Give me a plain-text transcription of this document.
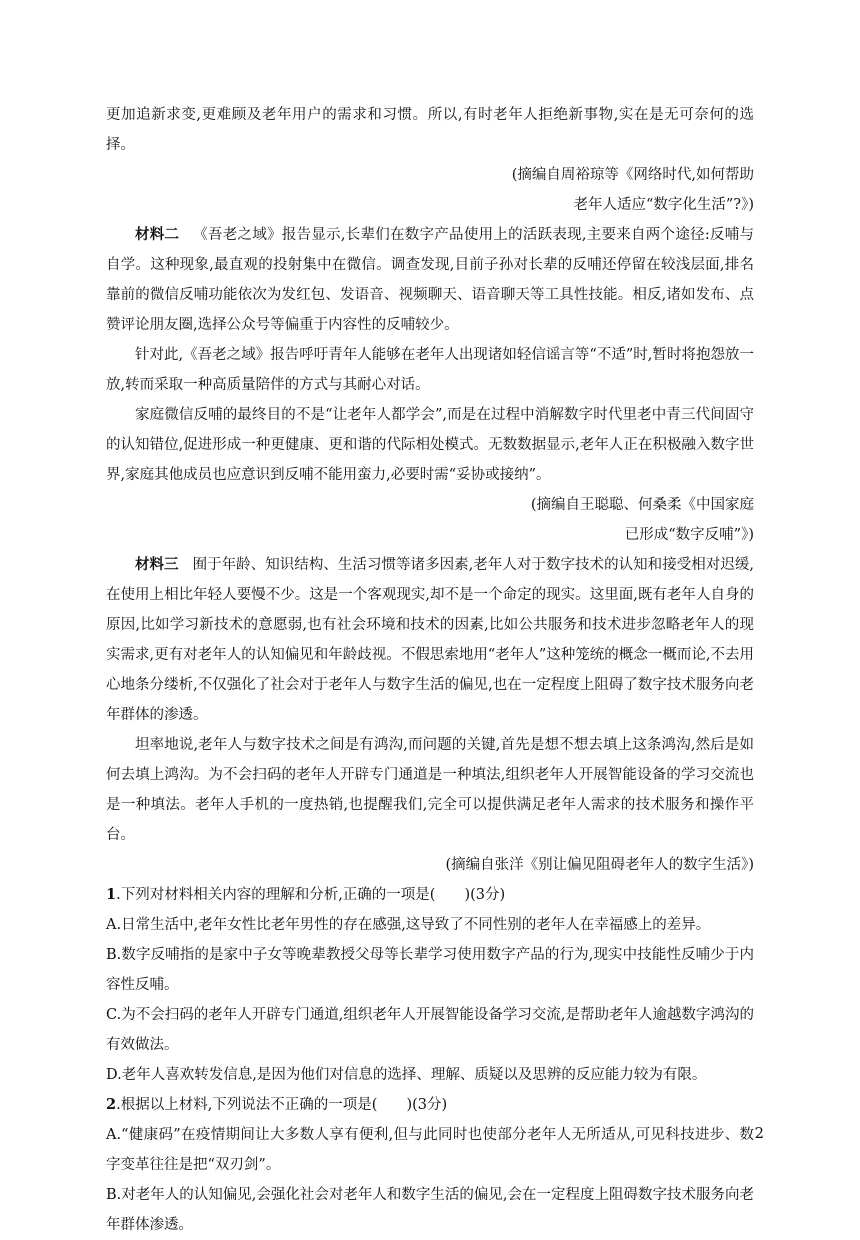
更加追新求变,更难顾及老年用户的需求和习惯。所以,有时老年人拒绝新事物,实在是无可奈何的选择。

(摘编自周裕琼等《网络时代,如何帮助

老年人适应“数字化生活”?》)

材料二 《吾老之域》报告显示,长辈们在数字产品使用上的活跃表现,主要来自两个途径:反哺与自学。这种现象,最直观的投射集中在微信。调查发现,目前子孙对长辈的反哺还停留在较浅层面,排名靠前的微信反哺功能依次为发红包、发语音、视频聊天、语音聊天等工具性技能。相反,诸如发布、点赞评论朋友圈,选择公众号等偏重于内容性的反哺较少。

针对此,《吾老之域》报告呼吁青年人能够在老年人出现诸如轻信谣言等“不适”时,暂时将抱怨放一放,转而采取一种高质量陪伴的方式与其耐心对话。

家庭微信反哺的最终目的不是“让老年人都学会”,而是在过程中消解数字时代里老中青三代间固守的认知错位,促进形成一种更健康、更和谐的代际相处模式。无数数据显示,老年人正在积极融入数字世界,家庭其他成员也应意识到反哺不能用蛮力,必要时需“妥协或接纳”。

(摘编自王聪聪、何桑柔《中国家庭

已形成“数字反哺”》)

材料三 囿于年龄、知识结构、生活习惯等诸多因素,老年人对于数字技术的认知和接受相对迟缓,在使用上相比年轻人要慢不少。这是一个客观现实,却不是一个命定的现实。这里面,既有老年人自身的原因,比如学习新技术的意愿弱,也有社会环境和技术的因素,比如公共服务和技术进步忽略老年人的现实需求,更有对老年人的认知偏见和年龄歧视。不假思索地用“老年人”这种笼统的概念一概而论,不去用心地条分缕析,不仅强化了社会对于老年人与数字生活的偏见,也在一定程度上阻碍了数字技术服务向老年群体的渗透。

坦率地说,老年人与数字技术之间是有鸿沟,而问题的关键,首先是想不想去填上这条鸿沟,然后是如何去填上鸿沟。为不会扫码的老年人开辟专门通道是一种填法,组织老年人开展智能设备的学习交流也是一种填法。老年人手机的一度热销,也提醒我们,完全可以提供满足老年人需求的技术服务和操作平台。

(摘编自张洋《别让偏见阻碍老年人的数字生活》)

1.下列对材料相关内容的理解和分析,正确的一项是(　　)(3分)

A.日常生活中,老年女性比老年男性的存在感强,这导致了不同性别的老年人在幸福感上的差异。

B.数字反哺指的是家中子女等晚辈教授父母等长辈学习使用数字产品的行为,现实中技能性反哺少于内容性反哺。

C.为不会扫码的老年人开辟专门通道,组织老年人开展智能设备学习交流,是帮助老年人逾越数字鸿沟的有效做法。

D.老年人喜欢转发信息,是因为他们对信息的选择、理解、质疑以及思辨的反应能力较为有限。

2.根据以上材料,下列说法不正确的一项是(　　)(3分)

A.“健康码”在疫情期间让大多数人享有便利,但与此同时也使部分老年人无所适从,可见科技进步、数字变革往往是把“双刃剑”。

B.对老年人的认知偏见,会强化社会对老年人和数字生活的偏见,会在一定程度上阻碍数字技术服务向老年群体渗透。

2
